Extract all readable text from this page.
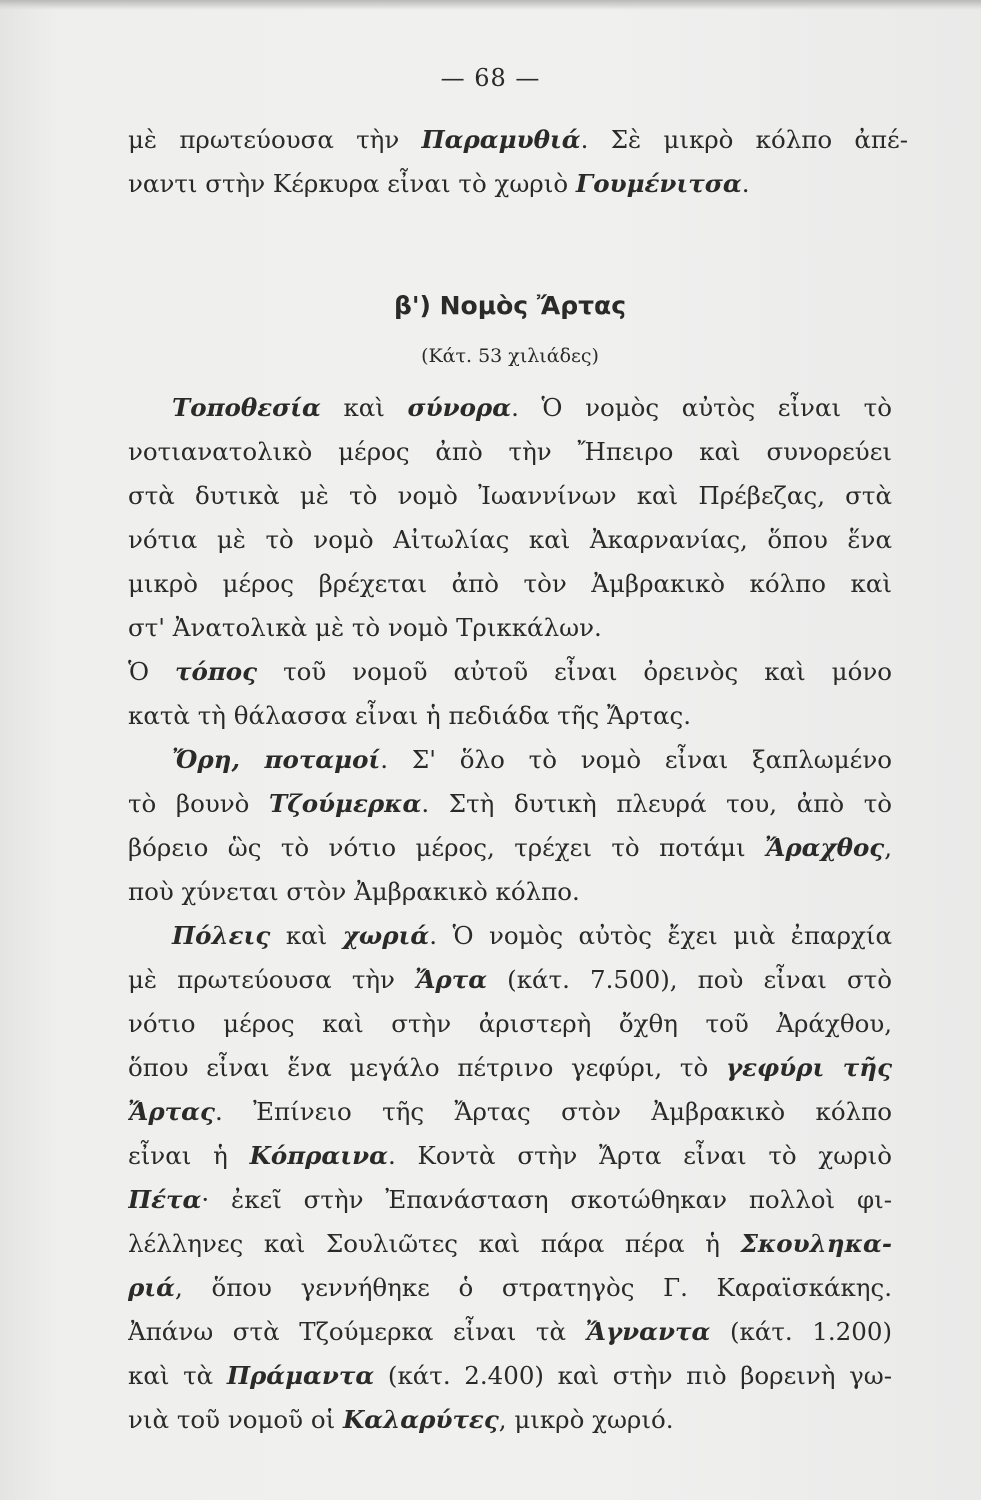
— 68 —
μὲ πρωτεύουσα τὴν Παραμυθιά. Σὲ μικρὸ κόλπο ἀπέ-
ναντι στὴν Κέρκυρα εἶναι τὸ χωριὸ Γουμένιτσα.
β') Νομὸς Ἄρτας
(Κάτ. 53 χιλιάδες)
Τοποθεσία καὶ σύνορα. Ὁ νομὸς αὐτὸς εἶναι τὸ
νοτιανατολικὸ μέρος ἀπὸ τὴν Ἤπειρο καὶ συνορεύει
στὰ δυτικὰ μὲ τὸ νομὸ Ἰωαννίνων καὶ Πρέβεζας, στὰ
νότια μὲ τὸ νομὸ Αἰτωλίας καὶ Ἀκαρνανίας, ὅπου ἕνα
μικρὸ μέρος βρέχεται ἀπὸ τὸν Ἀμβρακικὸ κόλπο καὶ
στ' Ἀνατολικὰ μὲ τὸ νομὸ Τρικκάλων.
Ὁ τόπος τοῦ νομοῦ αὐτοῦ εἶναι ὀρεινὸς καὶ μόνο
κατὰ τὴ θάλασσα εἶναι ἡ πεδιάδα τῆς Ἄρτας.
Ὄρη, ποταμοί. Σ' ὅλο τὸ νομὸ εἶναι ξαπλωμένο
τὸ βουνὸ Τζούμερκα. Στὴ δυτικὴ πλευρά του, ἀπὸ τὸ
βόρειο ὣς τὸ νότιο μέρος, τρέχει τὸ ποτάμι Ἄραχθος,
ποὺ χύνεται στὸν Ἀμβρακικὸ κόλπο.
Πόλεις καὶ χωριά. Ὁ νομὸς αὐτὸς ἔχει μιὰ ἐπαρχία
μὲ πρωτεύουσα τὴν Ἄρτα (κάτ. 7.500), ποὺ εἶναι στὸ
νότιο μέρος καὶ στὴν ἀριστερὴ ὄχθη τοῦ Ἀράχθου,
ὅπου εἶναι ἕνα μεγάλο πέτρινο γεφύρι, τὸ γεφύρι τῆς
Ἄρτας. Ἐπίνειο τῆς Ἄρτας στὸν Ἀμβρακικὸ κόλπο
εἶναι ἡ Κόπραινα. Κοντὰ στὴν Ἄρτα εἶναι τὸ χωριὸ
Πέτα· ἐκεῖ στὴν Ἐπανάσταση σκοτώθηκαν πολλοὶ φι-
λέλληνες καὶ Σουλιῶτες καὶ πάρα πέρα ἡ Σκουληκα-
ριά, ὅπου γεννήθηκε ὁ στρατηγὸς Γ. Καραϊσκάκης.
Ἀπάνω στὰ Τζούμερκα εἶναι τὰ Ἄγναντα (κάτ. 1.200)
καὶ τὰ Πράμαντα (κάτ. 2.400) καὶ στὴν πιὸ βορεινὴ γω-
νιὰ τοῦ νομοῦ οἱ Καλαρύτες, μικρὸ χωριό.
